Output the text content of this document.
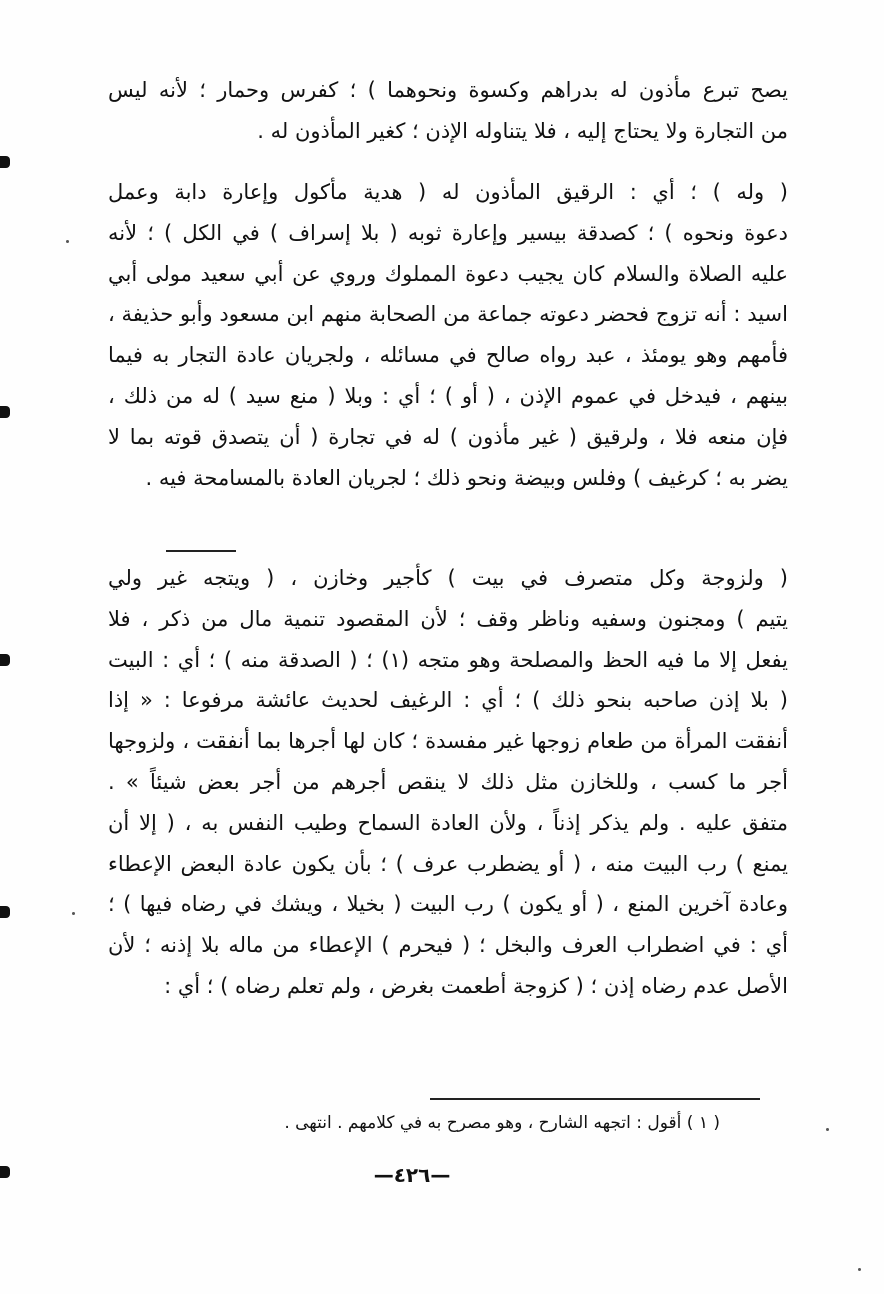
يصح تبرع مأذون له بدراهم وكسوة ونحوهما ) ؛ كفرس وحمار ؛ لأنه ليس
من التجارة ولا يحتاج إليه ، فلا يتناوله الإذن ؛ كغير المأذون له .
( وله ) ؛ أي : الرقيق المأذون له ( هدية مأكول وإعارة دابة وعمل
دعوة ونحوه ) ؛ كصدقة بيسير وإعارة ثوبه ( بلا إسراف ) في الكل ) ؛ لأنه
عليه الصلاة والسلام كان يجيب دعوة المملوك وروي عن أبي سعيد مولى أبي
اسيد : أنه تزوج فحضر دعوته جماعة من الصحابة منهم ابن مسعود وأبو حذيفة ،
فأمهم وهو يومئذ ، عبد رواه صالح في مسائله ، ولجريان عادة التجار به فيما
بينهم ، فيدخل في عموم الإذن ، ( أو ) ؛ أي : وبلا ( منع سيد ) له من ذلك ،
فإن منعه فلا ، ولرقيق ( غير مأذون ) له في تجارة ( أن يتصدق قوته بما لا
يضر به ؛ كرغيف ) وفلس وبيضة ونحو ذلك ؛ لجريان العادة بالمسامحة فيه .
( ولزوجة وكل متصرف في بيت ) كأجير وخازن ، ( ويتجه غير ولي
يتيم ) ومجنون وسفيه وناظر وقف ؛ لأن المقصود تنمية مال من ذكر ، فلا
يفعل إلا ما فيه الحظ والمصلحة وهو متجه (١) ؛ ( الصدقة منه ) ؛ أي : البيت
( بلا إذن صاحبه بنحو ذلك ) ؛ أي : الرغيف لحديث عائشة مرفوعا : « إذا
أنفقت المرأة من طعام زوجها غير مفسدة ؛ كان لها أجرها بما أنفقت ، ولزوجها
أجر ما كسب ، وللخازن مثل ذلك لا ينقص أجرهم من أجر بعض شيئاً » .
متفق عليه . ولم يذكر إذناً ، ولأن العادة السماح وطيب النفس به ، ( إلا أن
يمنع ) رب البيت منه ، ( أو يضطرب عرف ) ؛ بأن يكون عادة البعض الإعطاء
وعادة آخرين المنع ، ( أو يكون ) رب البيت ( بخيلا ، ويشك في رضاه فيها ) ؛
أي : في اضطراب العرف والبخل ؛ ( فيحرم ) الإعطاء من ماله بلا إذنه ؛ لأن
الأصل عدم رضاه إذن ؛ ( كزوجة أطعمت بغرض ، ولم تعلم رضاه ) ؛ أي :
( ١ ) أقول : اتجهه الشارح ، وهو مصرح به في كلامهم . انتهى .
—٤٢٦—
